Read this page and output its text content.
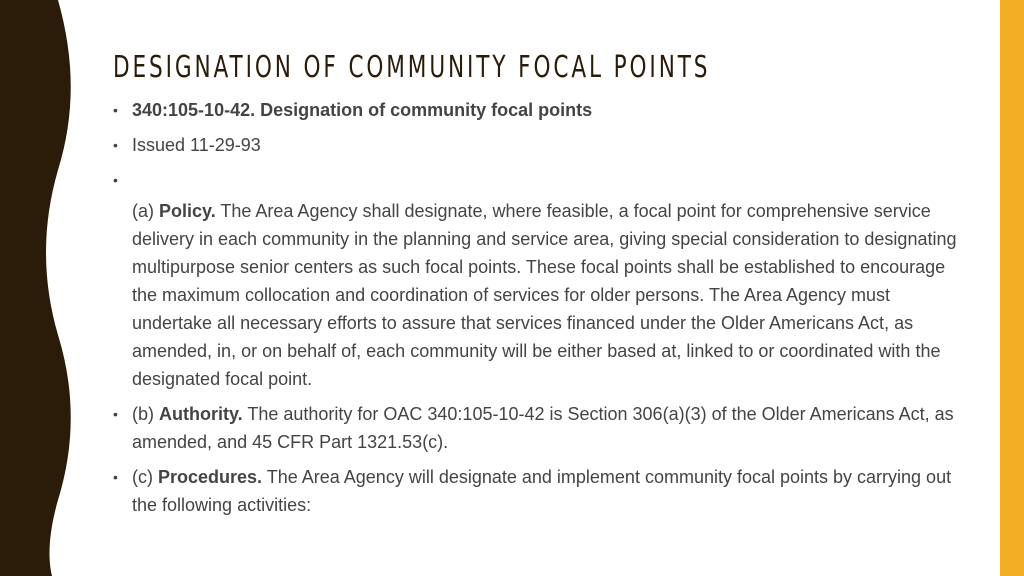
DESIGNATION OF COMMUNITY FOCAL POINTS
• 340:105-10-42. Designation of community focal points
• Issued 11-29-93
•
(a) Policy. The Area Agency shall designate, where feasible, a focal point for comprehensive service delivery in each community in the planning and service area, giving special consideration to designating multipurpose senior centers as such focal points. These focal points shall be established to encourage the maximum collocation and coordination of services for older persons. The Area Agency must undertake all necessary efforts to assure that services financed under the Older Americans Act, as amended, in, or on behalf of, each community will be either based at, linked to or coordinated with the designated focal point.
• (b) Authority. The authority for OAC 340:105-10-42 is Section 306(a)(3) of the Older Americans Act, as amended, and 45 CFR Part 1321.53(c).
• (c) Procedures. The Area Agency will designate and implement community focal points by carrying out the following activities:
